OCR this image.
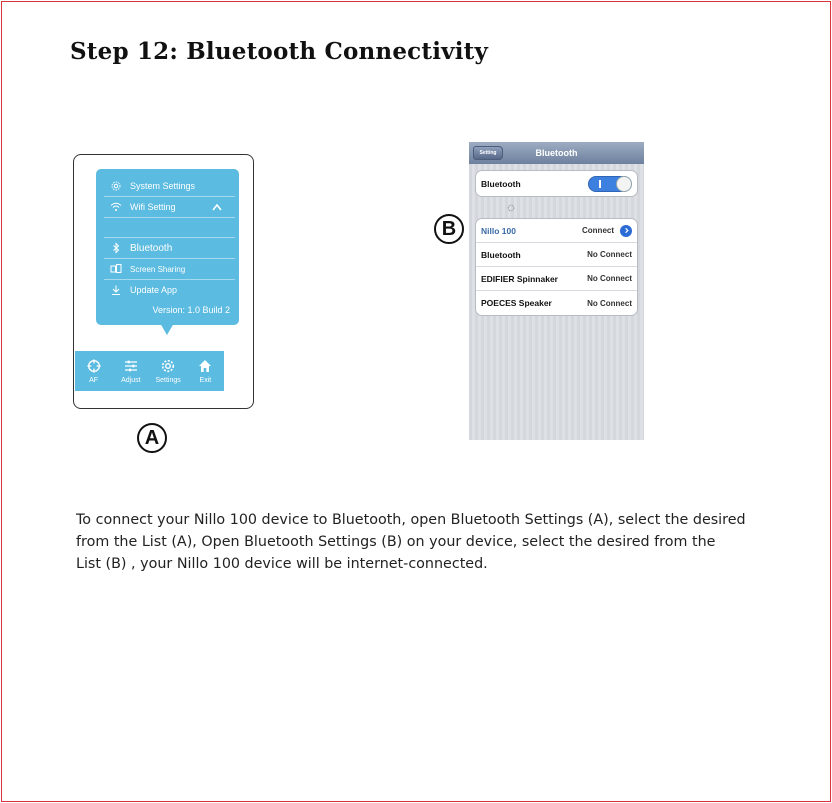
Step 12: Bluetooth Connectivity
System Settings
Wifi Setting
Bluetooth
Screen Sharing
Update App
Version: 1.0 Build 2
AF	Adjust Settings	Exit
A
B
Setting	Bluetooth
Bluetooth
Nillo 100	Connect
Bluetooth	No Connect
EDIFIER Spinnaker	No Connect
POECES Speaker	No Connect
To connect your Nillo 100 device to Bluetooth, open Bluetooth Settings (A), select the desired
from the List (A), Open Bluetooth Settings (B) on your device, select the desired from the
List (B) , your Nillo 100 device will be internet-connected.
